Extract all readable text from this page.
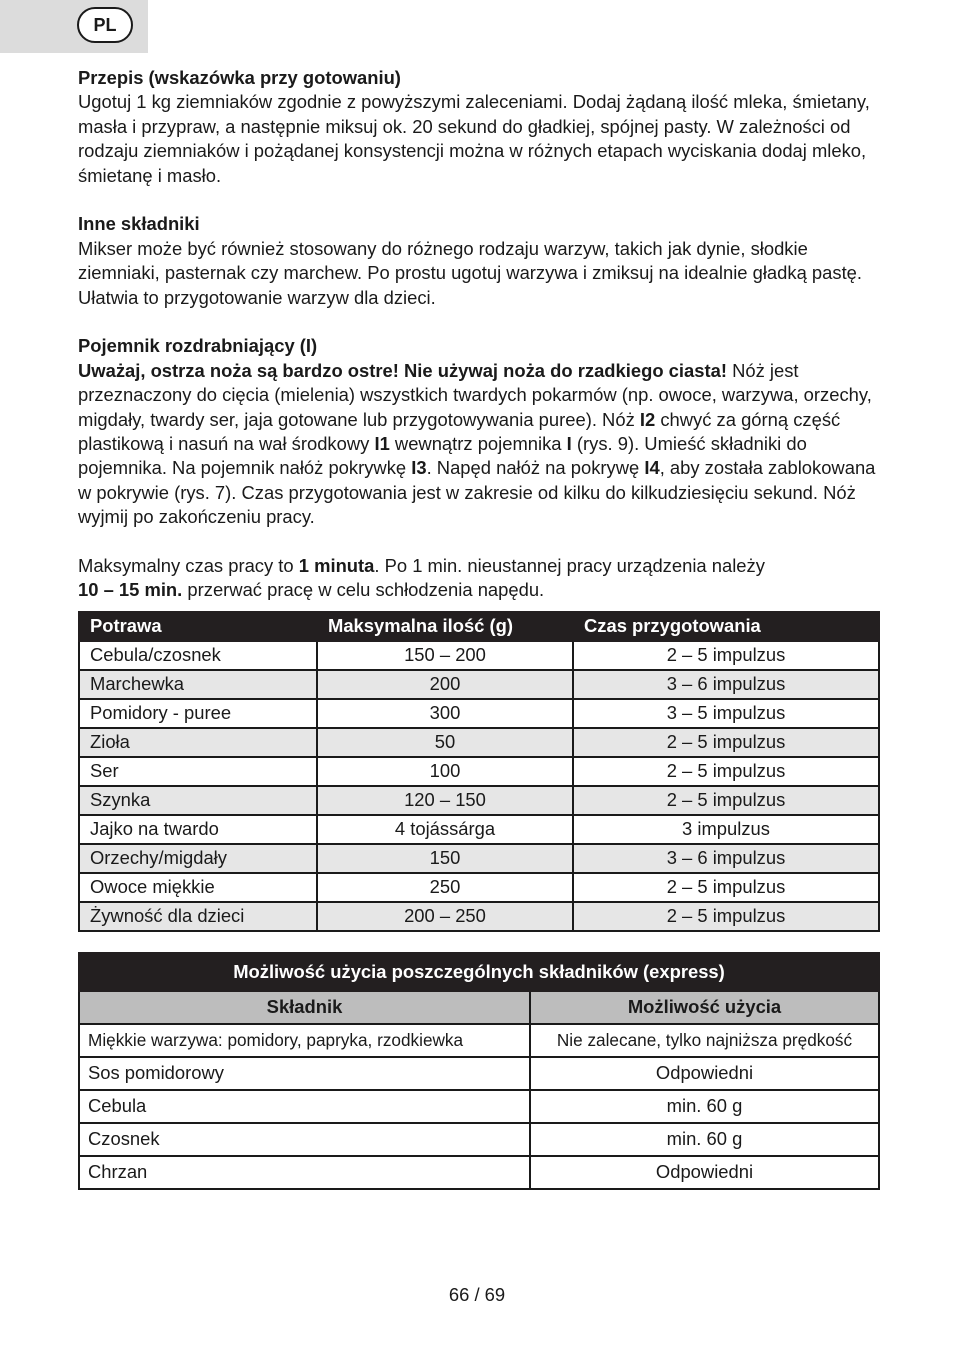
PL
Przepis (wskazówka przy gotowaniu)

Ugotuj 1 kg ziemniaków zgodnie z powyższymi zaleceniami. Dodaj żądaną ilość mleka, śmietany, masła i przypraw, a następnie miksuj ok. 20 sekund do gładkiej, spójnej pasty. W zależności od rodzaju ziemniaków i pożądanej konsystencji można w różnych etapach wyciskania dodaj mleko, śmietanę i masło.

Inne składniki

Mikser może być również stosowany do różnego rodzaju warzyw, takich jak dynie, słodkie ziemniaki, pasternak czy marchew. Po prostu ugotuj warzywa i zmiksuj na idealnie gładką pastę. Ułatwia to przygotowanie warzyw dla dzieci.

Pojemnik rozdrabniający (I)

Uważaj, ostrza noża są bardzo ostre! Nie używaj noża do rzadkiego ciasta! Nóż jest przeznaczony do cięcia (mielenia) wszystkich twardych pokarmów (np. owoce, warzywa, orzechy, migdały, twardy ser, jaja gotowane lub przygotowywania puree). Nóż I2 chwyć za górną część plastikową i nasuń na wał środkowy I1 wewnątrz pojemnika I (rys. 9). Umieść składniki do pojemnika. Na pojemnik nałóż pokrywkę I3. Napęd nałóż na pokrywę I4, aby została zablokowana w pokrywie (rys. 7). Czas przygotowania jest w zakresie od kilku do kilkudziesięciu sekund. Nóż wyjmij po zakończeniu pracy.

Maksymalny czas pracy to 1 minuta. Po 1 min. nieustannej pracy urządzenia należy
10 – 15 min. przerwać pracę w celu schłodzenia napędu.

Potrawa	Maksymalna ilość (g)	Czas przygotowania
Cebula/czosnek	150 – 200	2 – 5 impulzus
Marchewka	200	3 – 6 impulzus
Pomidory - puree	300	3 – 5 impulzus
Zioła	50	2 – 5 impulzus
Ser	100	2 – 5 impulzus
Szynka	120 – 150	2 – 5 impulzus
Jajko na twardo	4 tojássárga	3 impulzus
Orzechy/migdały	150	3 – 6 impulzus
Owoce miękkie	250	2 – 5 impulzus
Żywność dla dzieci	200 – 250	2 – 5 impulzus
Możliwość użycia poszczególnych składników (express)	
Składnik	Możliwość użycia
Miękkie warzywa: pomidory, papryka, rzodkiewka	Nie zalecane, tylko najniższa prędkość
Sos pomidorowy	Odpowiedni
Cebula	min. 60 g
Czosnek	min. 60 g
Chrzan	Odpowiedni
66 / 69
